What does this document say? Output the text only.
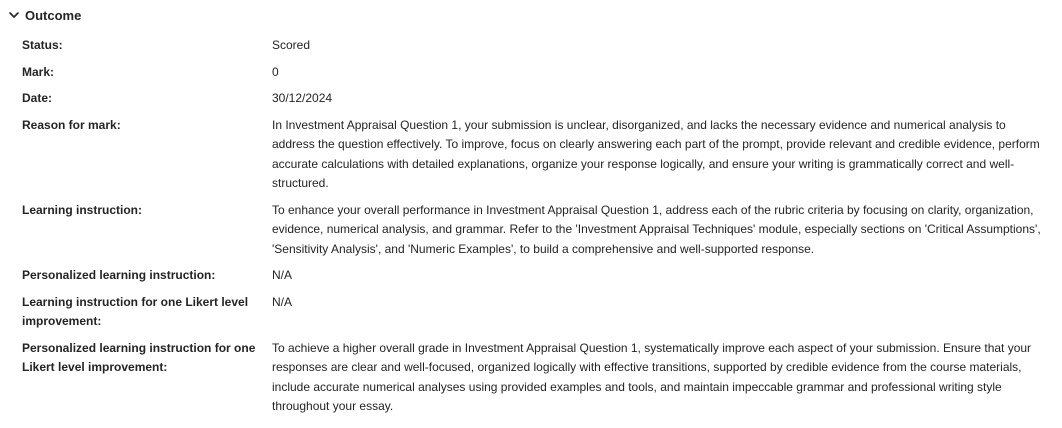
Outcome
Status:	Scored
Mark:	0
Date:	30/12/2024
Reason for mark:	In Investment Appraisal Question 1, your submission is unclear, disorganized, and lacks the necessary evidence and numerical analysis to address the question effectively. To improve, focus on clearly answering each part of the prompt, provide relevant and credible evidence, perform accurate calculations with detailed explanations, organize your response logically, and ensure your writing is grammatically correct and well-structured.
Learning instruction:	To enhance your overall performance in Investment Appraisal Question 1, address each of the rubric criteria by focusing on clarity, organization, evidence, numerical analysis, and grammar. Refer to the 'Investment Appraisal Techniques' module, especially sections on 'Critical Assumptions', 'Sensitivity Analysis', and 'Numeric Examples', to build a comprehensive and well-supported response.
Personalized learning instruction:	N/A
Learning instruction for one Likert level improvement:
N/A
Personalized learning instruction for one Likert level improvement:
To achieve a higher overall grade in Investment Appraisal Question 1, systematically improve each aspect of your submission. Ensure that your responses are clear and well-focused, organized logically with effective transitions, supported by credible evidence from the course materials, include accurate numerical analyses using provided examples and tools, and maintain impeccable grammar and professional writing style throughout your essay.
